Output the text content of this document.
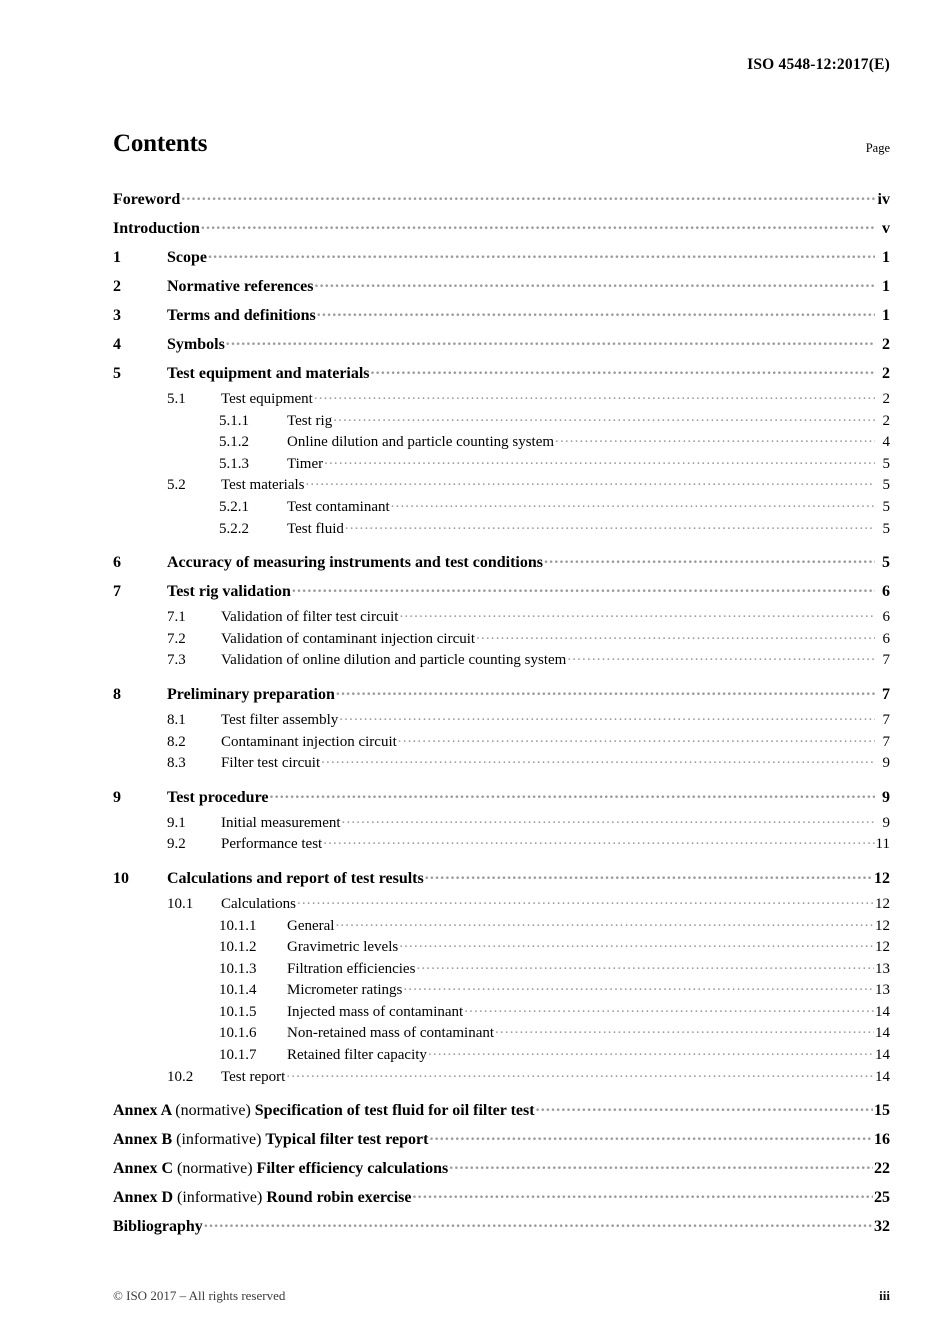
ISO 4548-12:2017(E)
Contents	Page
Foreword .....	iv
Introduction .....	v
1	Scope .....	1
2	Normative references .....	1
3	Terms and definitions .....	1
4	Symbols .....	2
5	Test equipment and materials .....	2
5.1	Test equipment .....	2
5.1.1	Test rig .....	2
5.1.2	Online dilution and particle counting system .....	4
5.1.3	Timer .....	5
5.2	Test materials .....	5
5.2.1	Test contaminant .....	5
5.2.2	Test fluid .....	5
6	Accuracy of measuring instruments and test conditions .....	5
7	Test rig validation .....	6
7.1	Validation of filter test circuit .....	6
7.2	Validation of contaminant injection circuit .....	6
7.3	Validation of online dilution and particle counting system .....	7
8	Preliminary preparation .....	7
8.1	Test filter assembly .....	7
8.2	Contaminant injection circuit .....	7
8.3	Filter test circuit .....	9
9	Test procedure .....	9
9.1	Initial measurement .....	9
9.2	Performance test .....	11
10	Calculations and report of test results .....	12
10.1	Calculations .....	12
10.1.1	General .....	12
10.1.2	Gravimetric levels .....	12
10.1.3	Filtration efficiencies .....	13
10.1.4	Micrometer ratings .....	13
10.1.5	Injected mass of contaminant .....	14
10.1.6	Non-retained mass of contaminant .....	14
10.1.7	Retained filter capacity .....	14
10.2	Test report .....	14
Annex A (normative) Specification of test fluid for oil filter test .....	15
Annex B (informative) Typical filter test report .....	16
Annex C (normative) Filter efficiency calculations .....	22
Annex D (informative) Round robin exercise .....	25
Bibliography .....	32
© ISO 2017 – All rights reserved	iii
